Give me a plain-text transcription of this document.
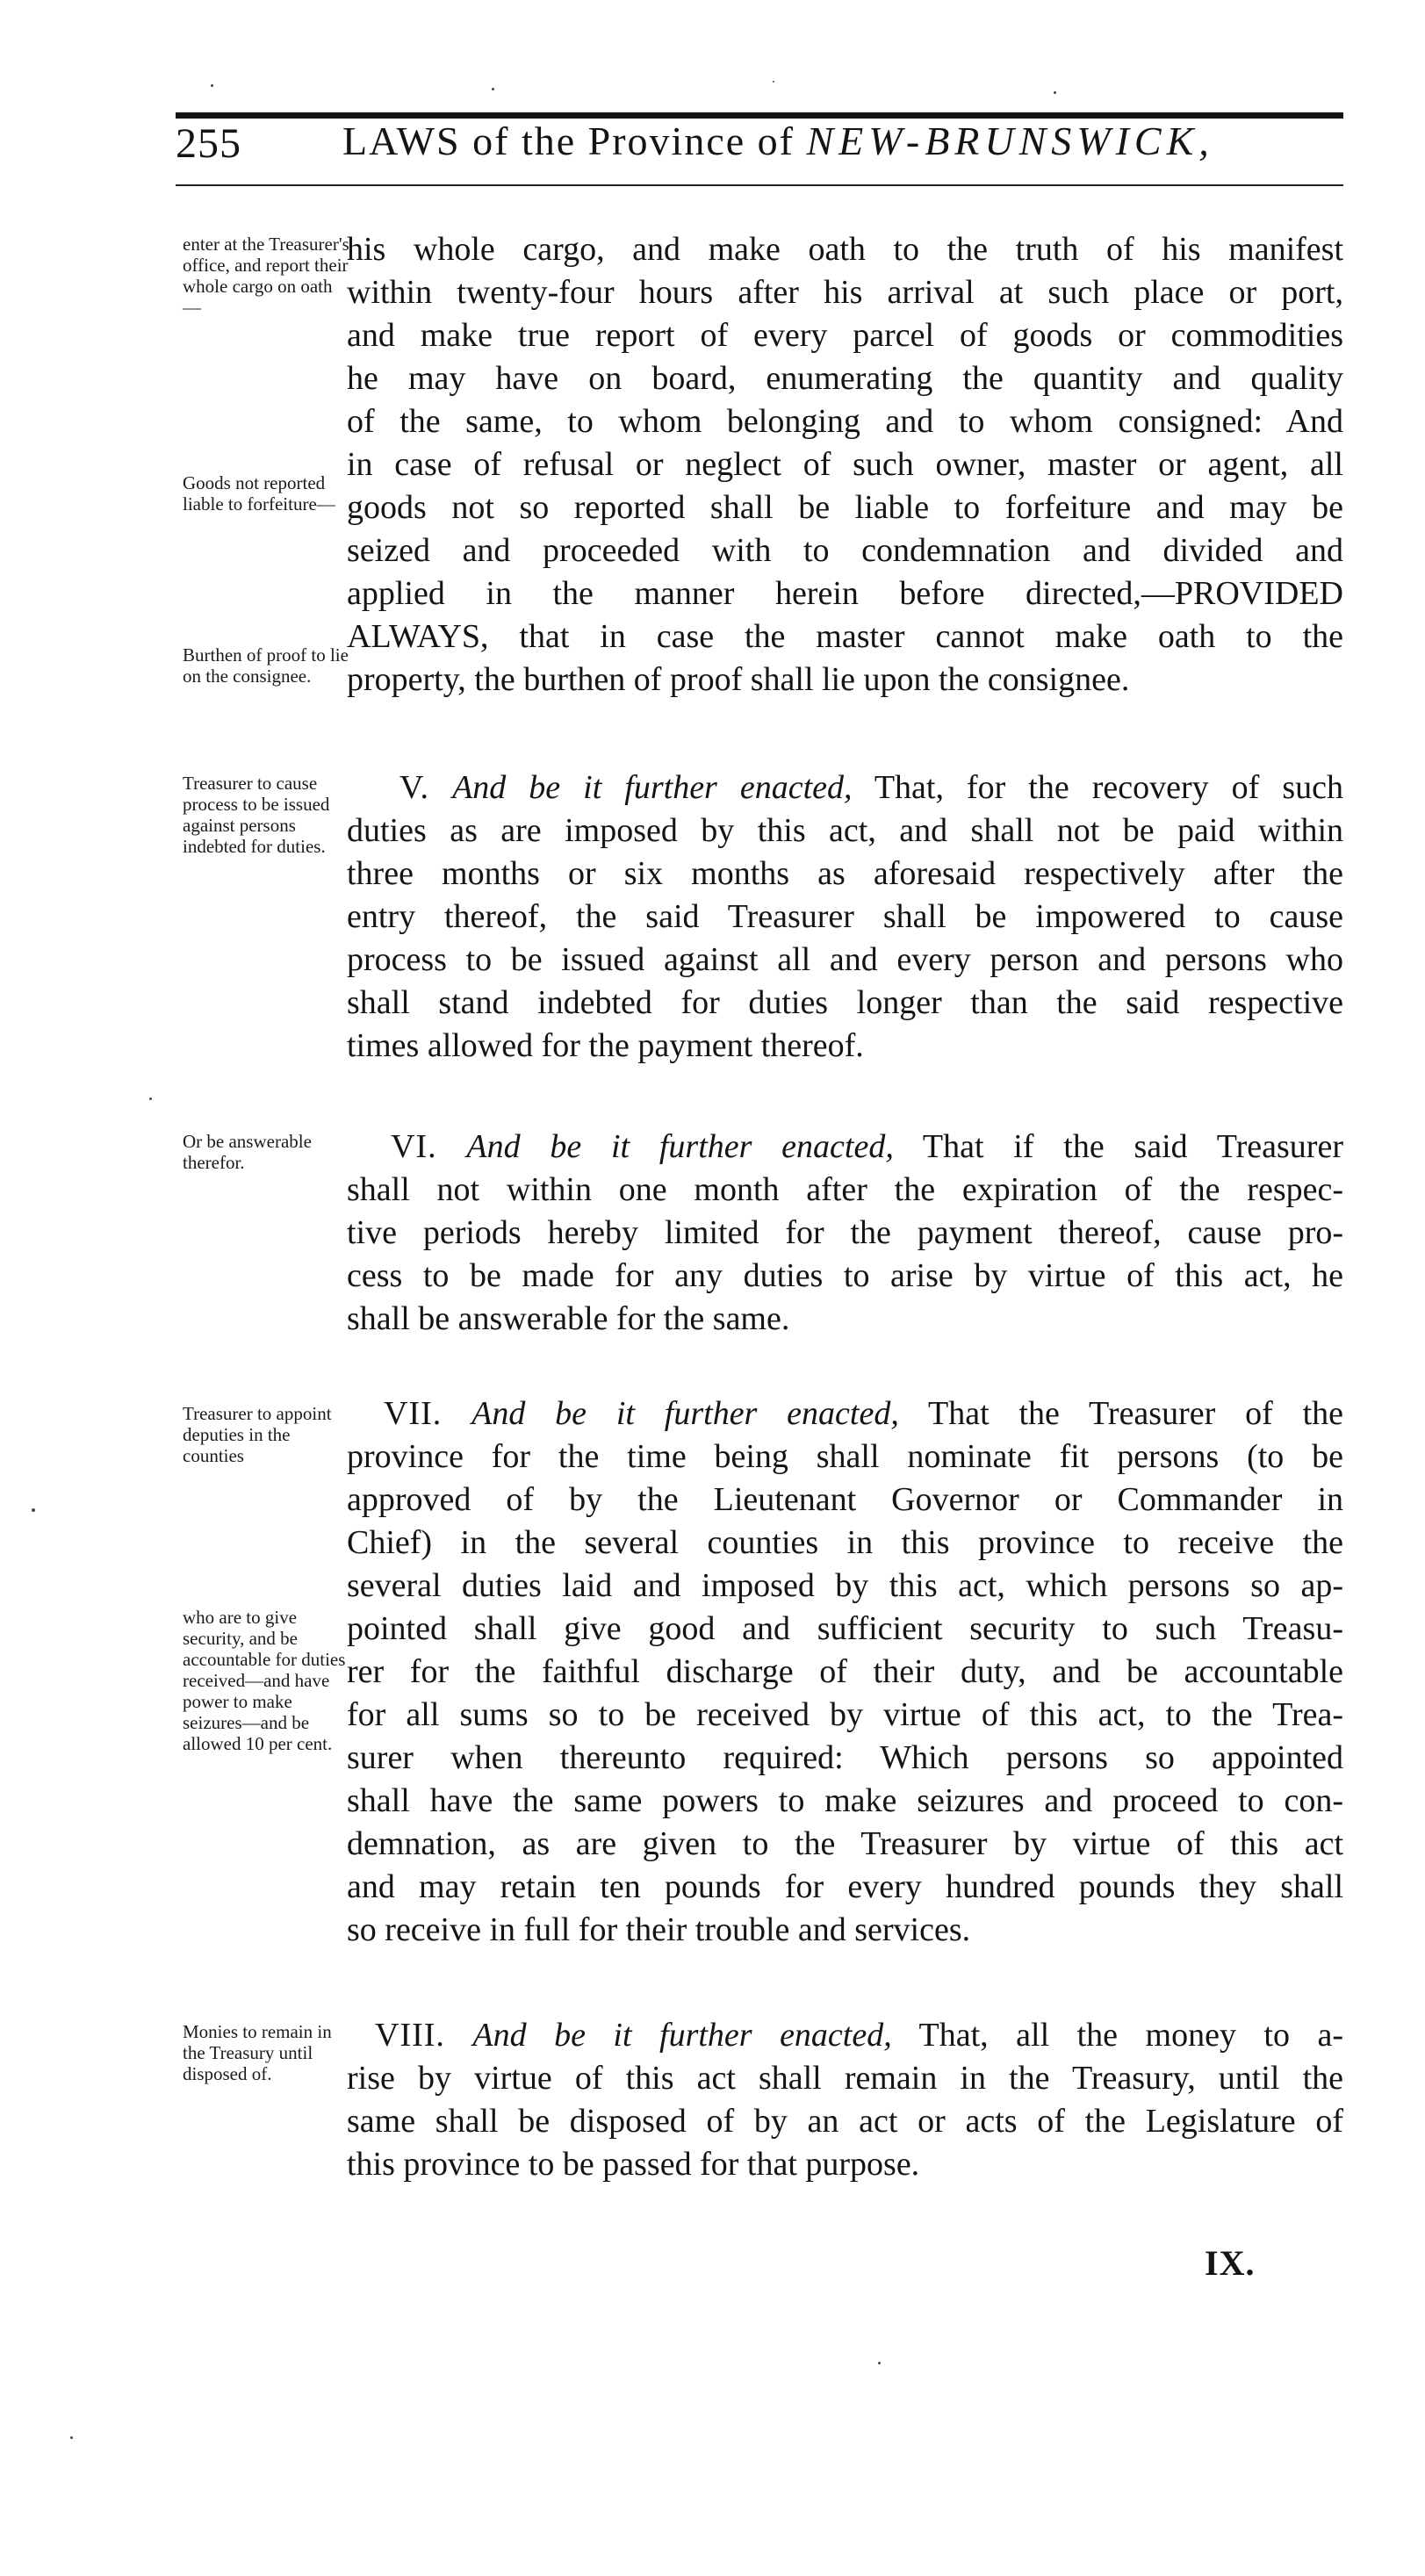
255	LAWS of the Province of NEW-BRUNSWICK,
enter at the Treasurer's office, and report their whole cargo on oath—
Goods not reported liable to forfeiture—
Burthen of proof to lie on the consignee.
Treasurer to cause process to be issued against persons indebted for duties.
Or be answerable therefor.
Treasurer to appoint deputies in the counties
who are to give security, and be accountable for duties received—and have power to make seizures—and be allowed 10 per cent.
Monies to remain in the Treasury until disposed of.
his whole cargo, and make oath to the truth of his manifest
within twenty-four hours after his arrival at such place or port,
and make true report of every parcel of goods or commodities
he may have on board, enumerating the quantity and quality
of the same, to whom belonging and to whom consigned: And
in case of refusal or neglect of such owner, master or agent, all
goods not so reported shall be liable to forfeiture and may be
seized and proceeded with to condemnation and divided and
applied in the manner herein before directed,—PROVIDED
ALWAYS, that in case the master cannot make oath to the
property, the burthen of proof shall lie upon the consignee.
V. And be it further enacted, That, for the recovery of such
duties as are imposed by this act, and shall not be paid within
three months or six months as aforesaid respectively after the
entry thereof, the said Treasurer shall be impowered to cause
process to be issued against all and every person and persons who
shall stand indebted for duties longer than the said respective
times allowed for the payment thereof.
VI. And be it further enacted, That if the said Treasurer
shall not within one month after the expiration of the respec-
tive periods hereby limited for the payment thereof, cause pro-
cess to be made for any duties to arise by virtue of this act, he
shall be answerable for the same.
VII. And be it further enacted, That the Treasurer of the
province for the time being shall nominate fit persons (to be
approved of by the Lieutenant Governor or Commander in
Chief) in the several counties in this province to receive the
several duties laid and imposed by this act, which persons so ap-
pointed shall give good and sufficient security to such Treasu-
rer for the faithful discharge of their duty, and be accountable
for all sums so to be received by virtue of this act, to the Trea-
surer when thereunto required: Which persons so appointed
shall have the same powers to make seizures and proceed to con-
demnation, as are given to the Treasurer by virtue of this act
and may retain ten pounds for every hundred pounds they shall
so receive in full for their trouble and services.
VIII. And be it further enacted, That, all the money to a-
rise by virtue of this act shall remain in the Treasury, until the
same shall be disposed of by an act or acts of the Legislature of
this province to be passed for that purpose.
IX.
